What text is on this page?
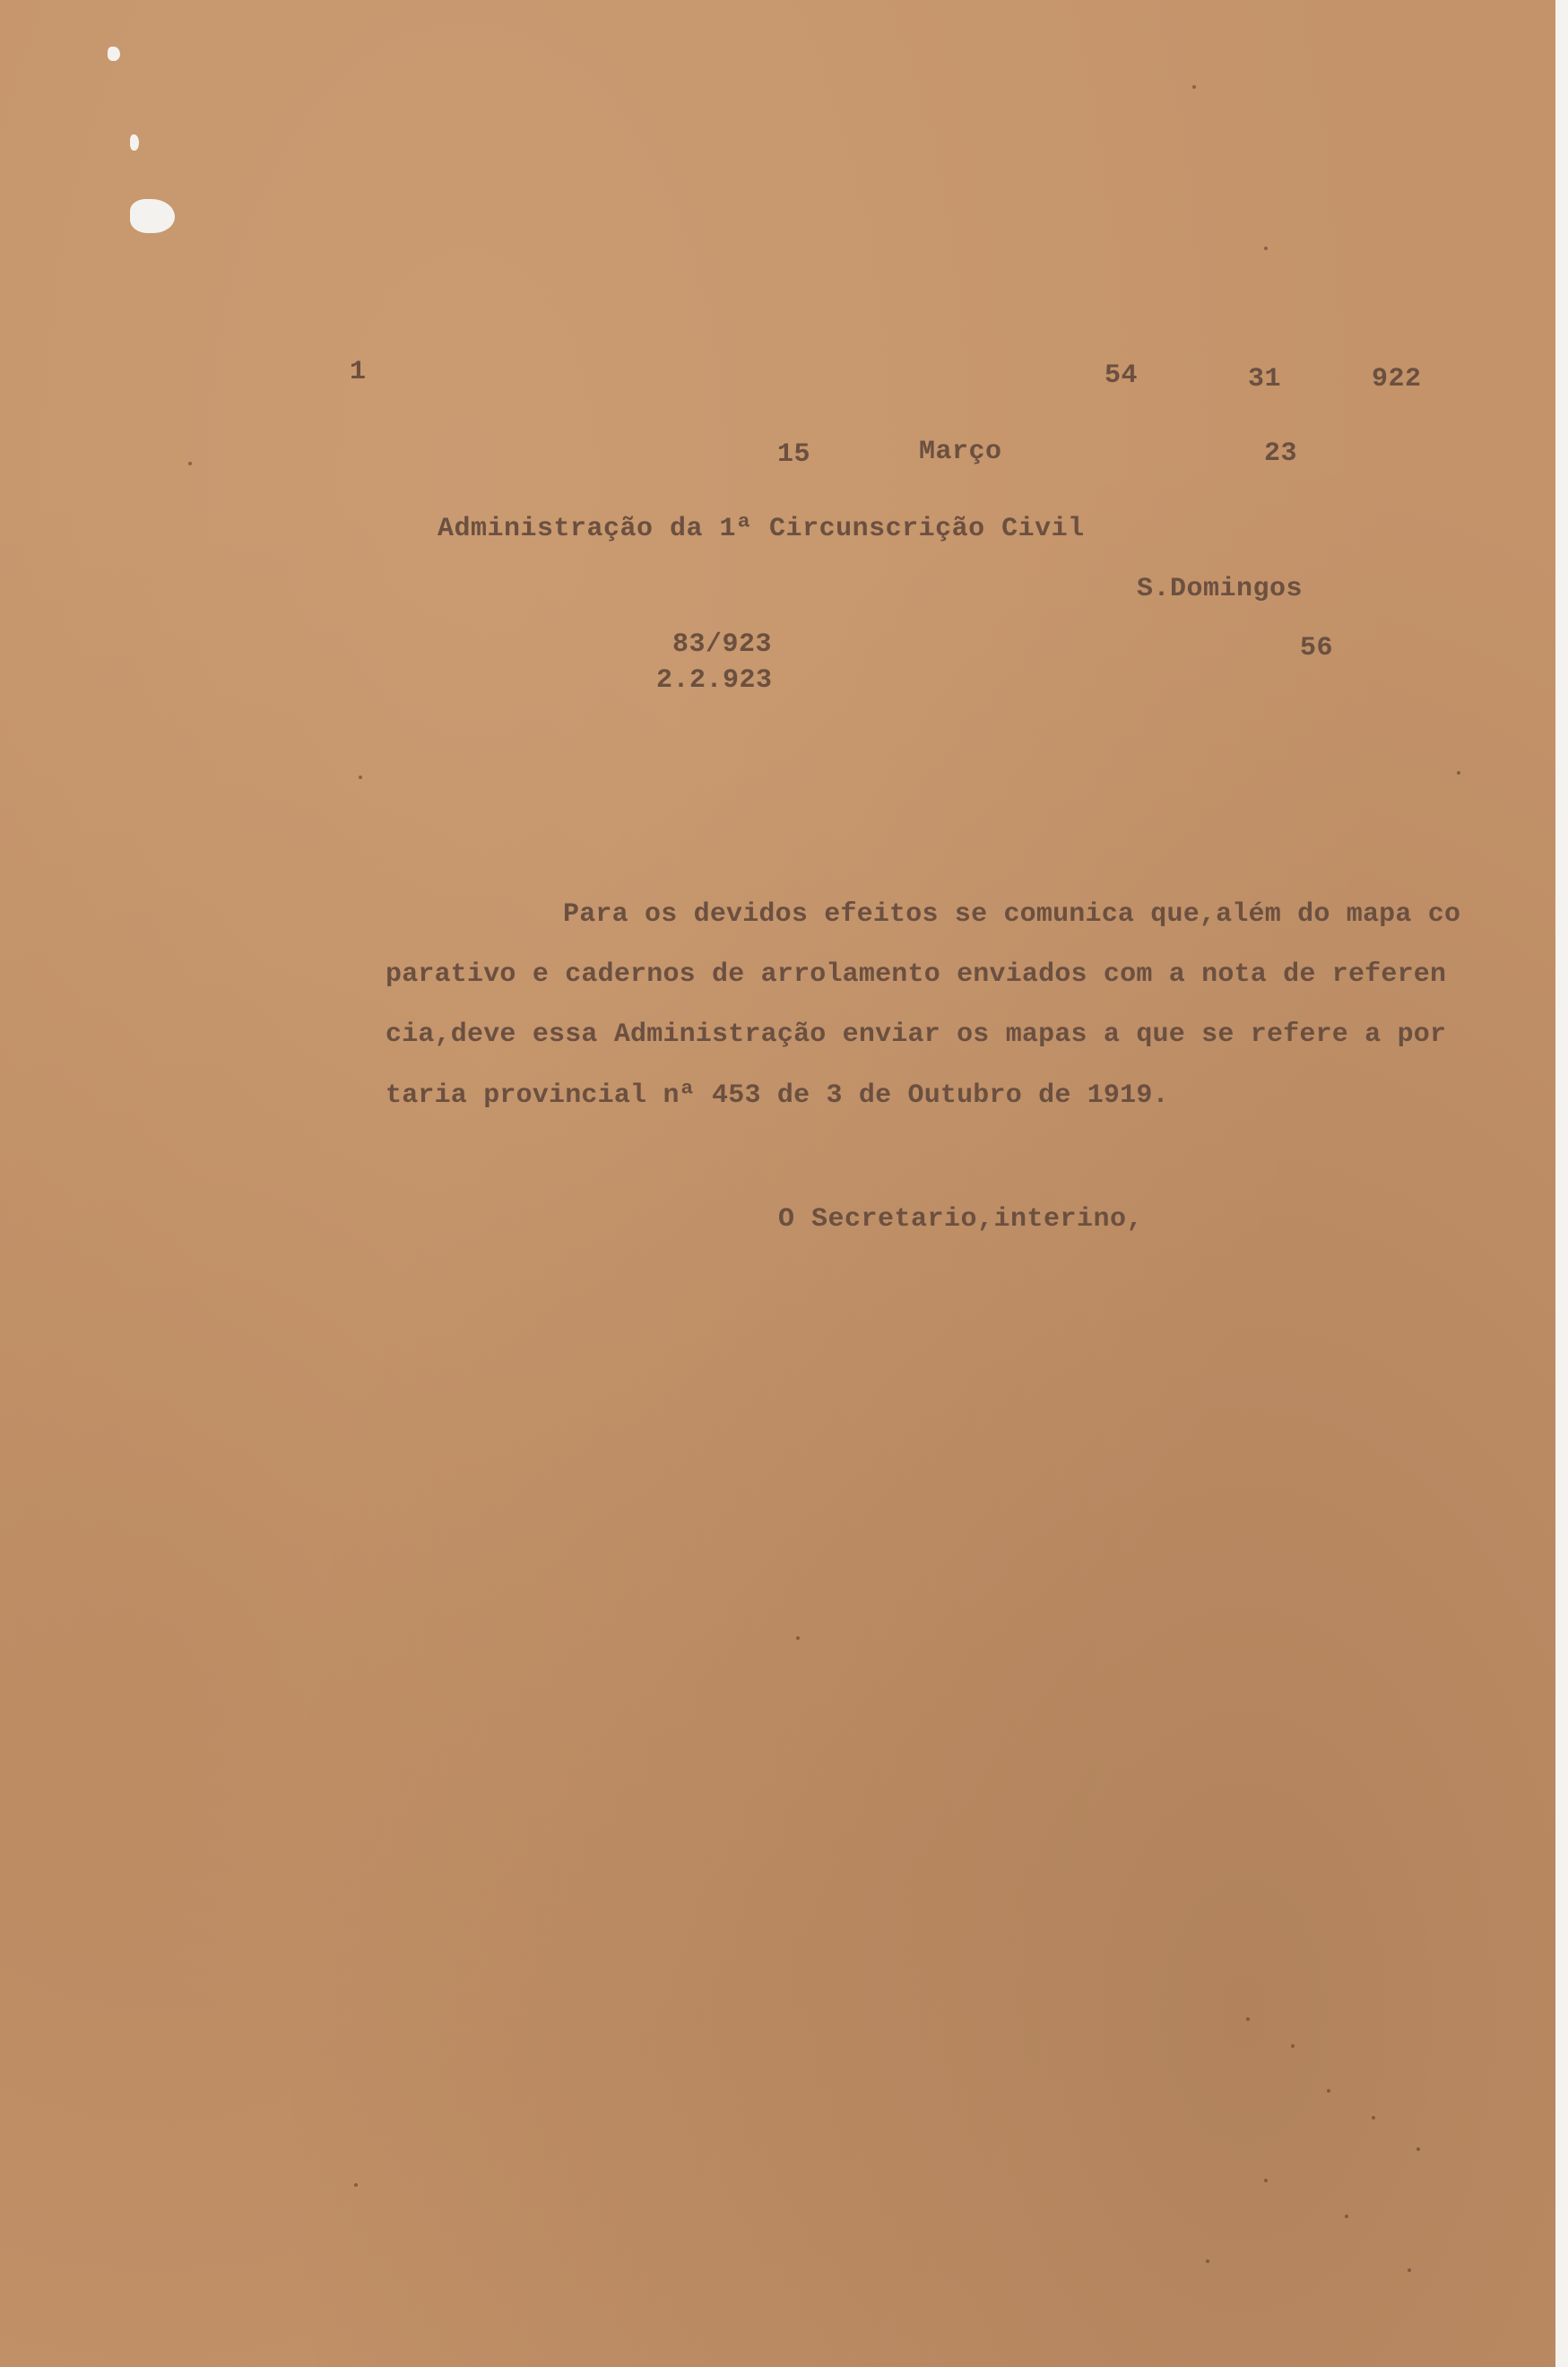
1	54	31	922
15	Março	23
Administração da 1ª Circunscrição Civil
S.Domingos
83/923
2.2.923
56
Para os devidos efeitos se comunica que,além do mapa co
parativo e cadernos de arrolamento enviados com a nota de referen
cia,deve essa Administração enviar os mapas a que se refere a por
taria provincial nª 453 de 3 de Outubro de 1919.
O Secretario,interino,
